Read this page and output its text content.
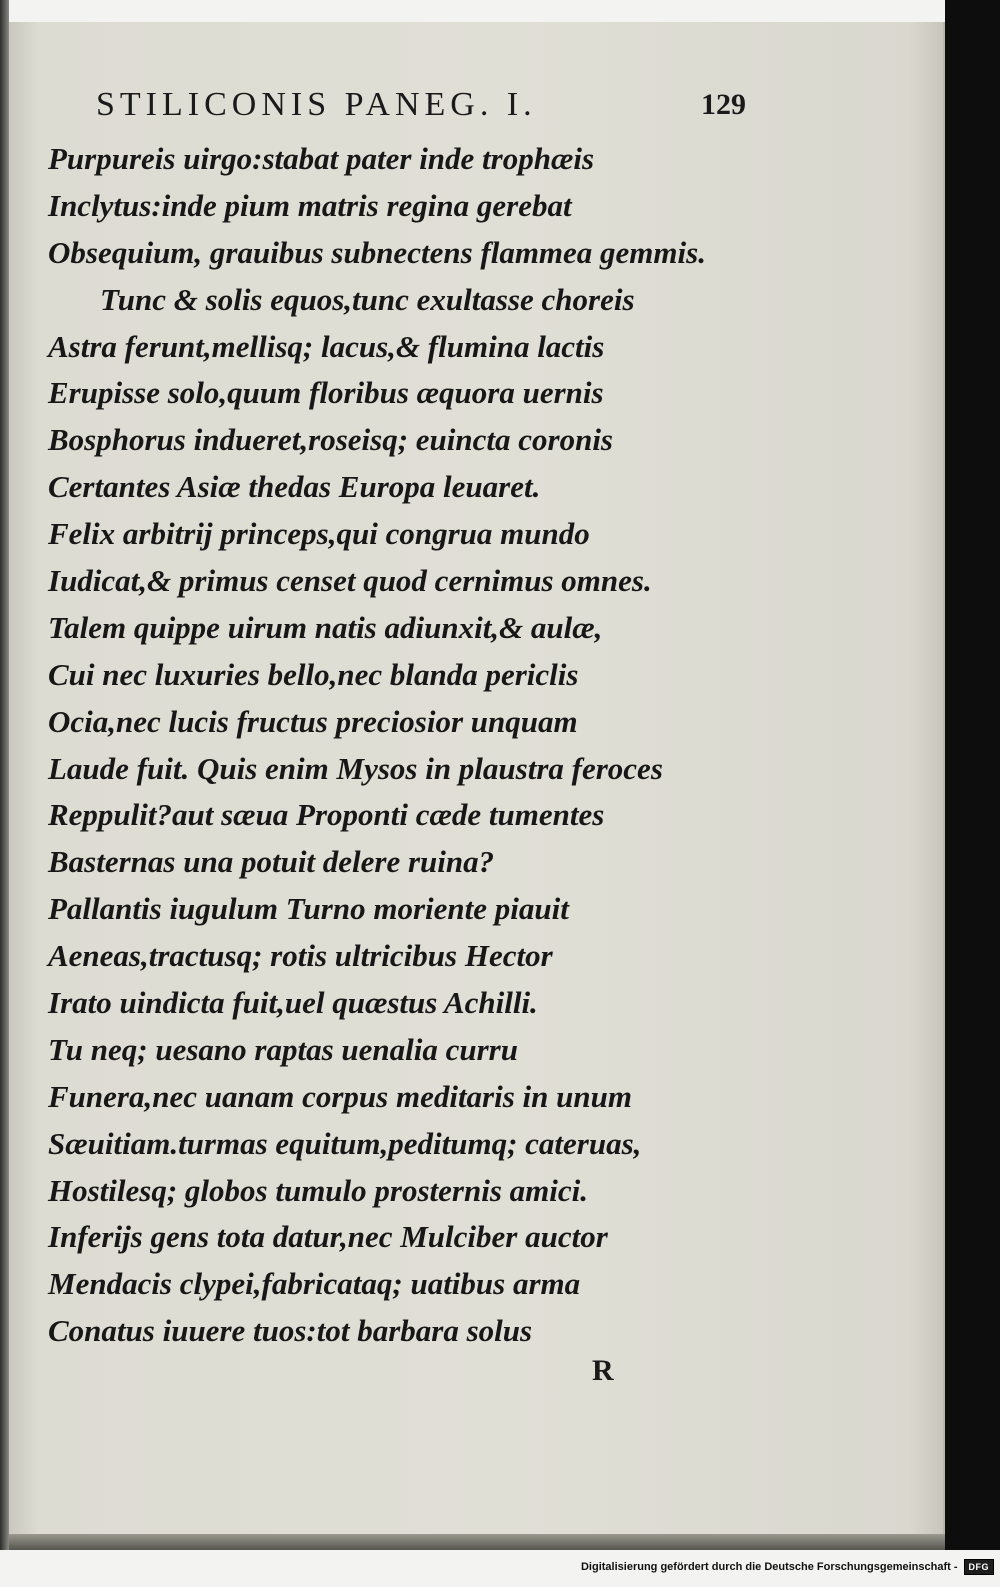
STILICONIS PANEG. I.	129
Purpureis uirgo:stabat pater inde trophæis
Inclytus:inde pium matris regina gerebat
Obsequium, grauibus subnectens flammea gemmis.
Tunc & solis equos,tunc exultasse choreis
Astra ferunt,mellisq; lacus,& flumina lactis
Erupisse solo,quum floribus æquora uernis
Bosphorus indueret,roseisq; euincta coronis
Certantes Asiæ thedas Europa leuaret.
Felix arbitrij princeps,qui congrua mundo
Iudicat,& primus censet quod cernimus omnes.
Talem quippe uirum natis adiunxit,& aulæ,
Cui nec luxuries bello,nec blanda periclis
Ocia,nec lucis fructus preciosior unquam
Laude fuit. Quis enim Mysos in plaustra feroces
Reppulit?aut sæua Proponti cæde tumentes
Basternas una potuit delere ruina?
Pallantis iugulum Turno moriente piauit
Aeneas,tractusq; rotis ultricibus Hector
Irato uindicta fuit,uel quæstus Achilli.
Tu neq; uesano raptas uenalia curru
Funera,nec uanam corpus meditaris in unum
Sæuitiam.turmas equitum,peditumq; cateruas,
Hostilesq; globos tumulo prosternis amici.
Inferijs gens tota datur,nec Mulciber auctor
Mendacis clypei,fabricataq; uatibus arma
Conatus iuuere tuos:tot barbara solus
R
Digitalisierung gefördert durch die Deutsche Forschungsgemeinschaft -	DFG
